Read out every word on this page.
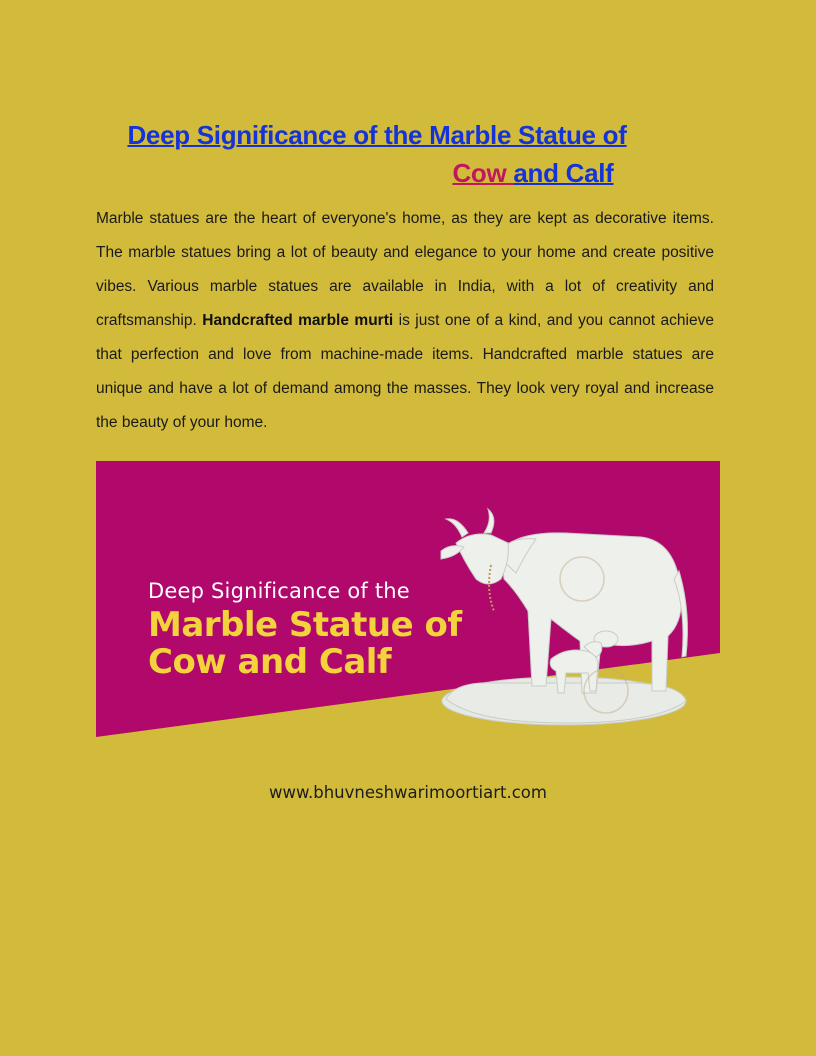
Deep Significance of the Marble Statue of
Cow and Calf

Marble statues are the heart of everyone's home, as they are kept as decorative items. The marble statues bring a lot of beauty and elegance to your home and create positive vibes. Various marble statues are available in India, with a lot of creativity and craftsmanship. Handcrafted marble murti is just one of a kind, and you cannot achieve that perfection and love from machine-made items. Handcrafted marble statues are unique and have a lot of demand among the masses. They look very royal and increase the beauty of your home.

Deep Significance of the
Marble Statue of
Cow and Calf
www.bhuvneshwarimoortiart.com
